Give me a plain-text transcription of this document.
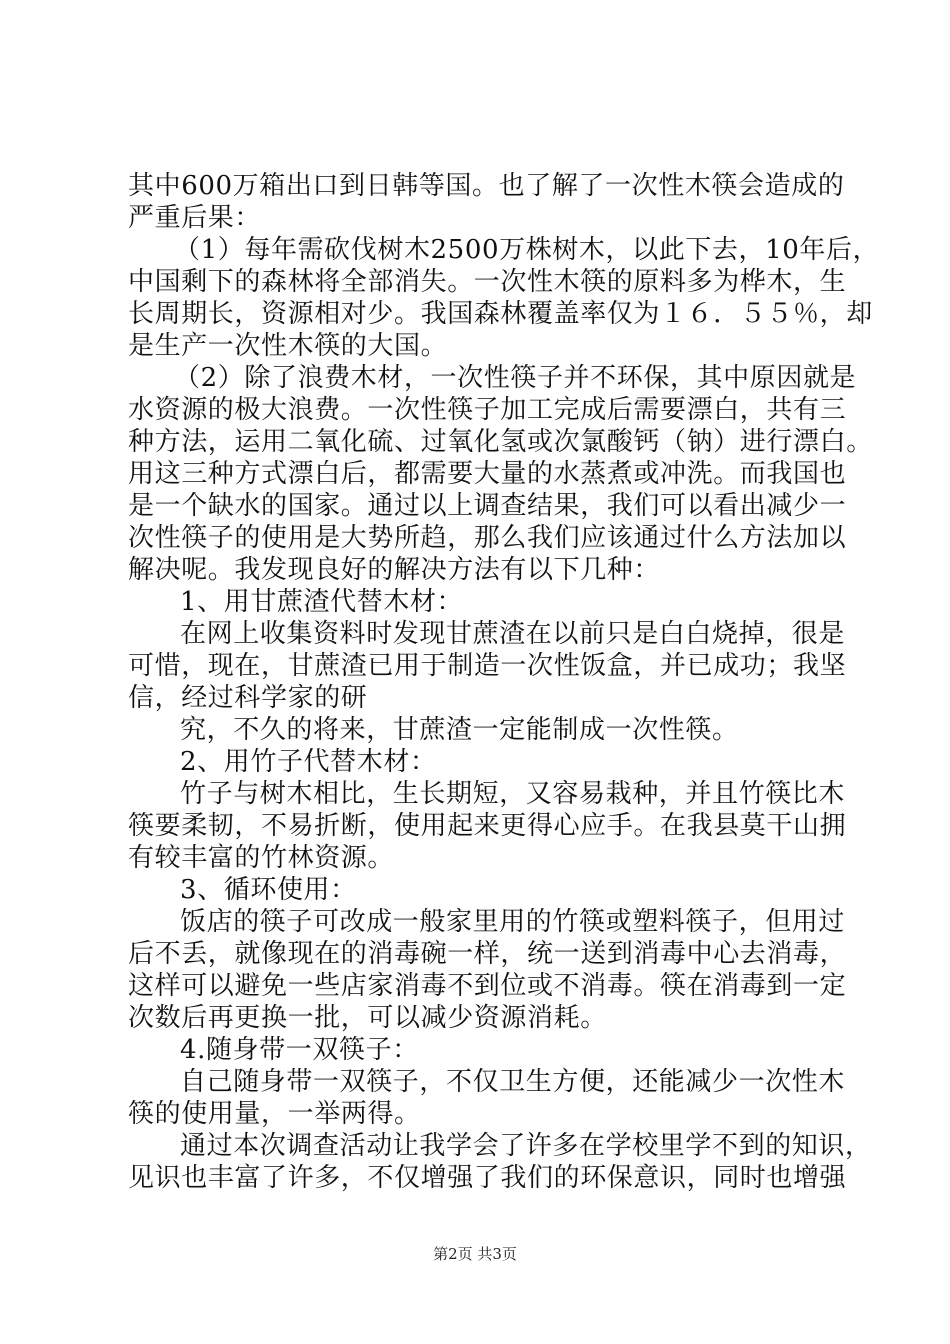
其中600万箱出口到日韩等国。也了解了一次性木筷会造成的

严重后果：

（1）每年需砍伐树木2500万株树木，以此下去，10年后，

中国剩下的森林将全部消失。一次性木筷的原料多为桦木，生

长周期长，资源相对少。我国森林覆盖率仅为１６．５５％，却

是生产一次性木筷的大国。

（2）除了浪费木材，一次性筷子并不环保，其中原因就是

水资源的极大浪费。一次性筷子加工完成后需要漂白，共有三

种方法，运用二氧化硫、过氧化氢或次氯酸钙（钠）进行漂白。

用这三种方式漂白后，都需要大量的水蒸煮或冲洗。而我国也

是一个缺水的国家。通过以上调查结果，我们可以看出减少一

次性筷子的使用是大势所趋，那么我们应该通过什么方法加以

解决呢。我发现良好的解决方法有以下几种：

1、用甘蔗渣代替木材：

在网上收集资料时发现甘蔗渣在以前只是白白烧掉，很是

可惜，现在，甘蔗渣已用于制造一次性饭盒，并已成功；我坚

信，经过科学家的研

究，不久的将来，甘蔗渣一定能制成一次性筷。

2、用竹子代替木材：

竹子与树木相比，生长期短，又容易栽种，并且竹筷比木

筷要柔韧，不易折断，使用起来更得心应手。在我县莫干山拥

有较丰富的竹林资源。

3、循环使用：

饭店的筷子可改成一般家里用的竹筷或塑料筷子，但用过

后不丢，就像现在的消毒碗一样，统一送到消毒中心去消毒，

这样可以避免一些店家消毒不到位或不消毒。筷在消毒到一定

次数后再更换一批，可以减少资源消耗。

4.随身带一双筷子：

自己随身带一双筷子，不仅卫生方便，还能减少一次性木

筷的使用量，一举两得。

通过本次调查活动让我学会了许多在学校里学不到的知识，

见识也丰富了许多，不仅增强了我们的环保意识，同时也增强

第2页 共3页
